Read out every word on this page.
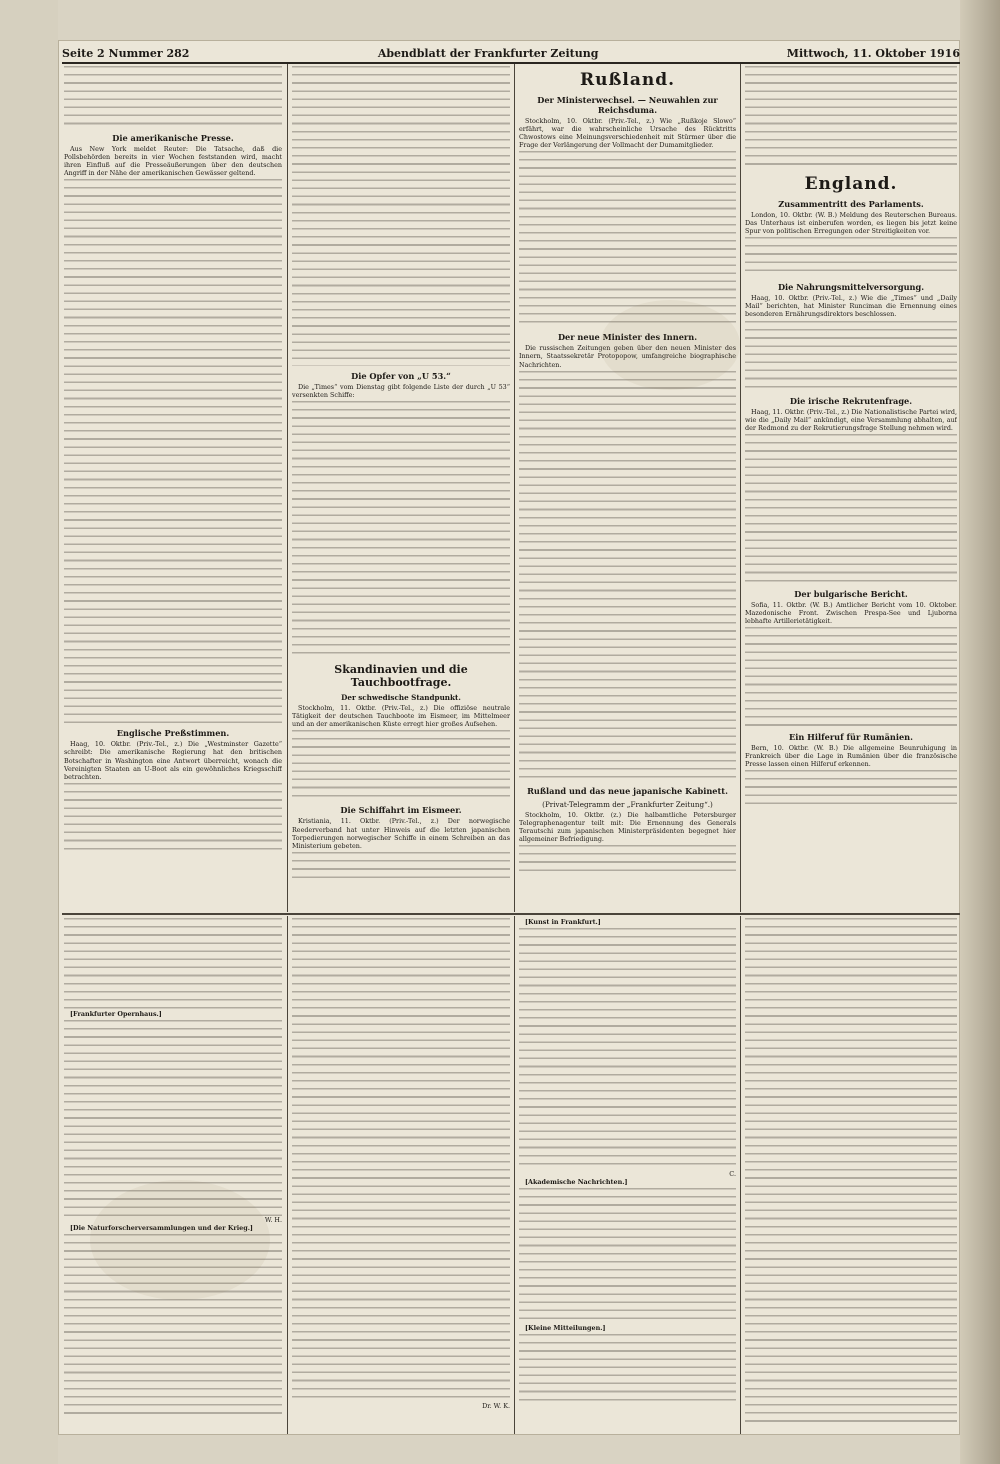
Seite 2 Nummer 282	Abendblatt der Frankfurter Zeitung	Mittwoch, 11. Oktober 1916
Die amerikanische Presse.
Aus New York meldet Reuter: Die Tatsache, daß die Pollsbehörden bereits in vier Wochen feststanden wird, macht ihren Einfluß auf die Presseäußerungen über den deutschen Angriff in der Nähe der amerikanischen Gewässer geltend.
Englische Preßstimmen.
Haag, 10. Oktbr. (Priv.-Tel., z.) Die „Westminster Gazette“ schreibt: Die amerikanische Regierung hat den britischen Botschafter in Washington eine Antwort überreicht, wonach die Vereinigten Staaten an U-Boot als ein gewöhnliches Kriegsschiff betrachten.
Die Opfer von „U 53.“
Die „Times“ vom Dienstag gibt folgende Liste der durch „U 53“ versenkten Schiffe:
Skandinavien und die Tauchbootfrage.
Der schwedische Standpunkt.
Stockholm, 11. Oktbr. (Priv.-Tel., z.) Die offiziöse neutrale Tätigkeit der deutschen Tauchboote im Eismeer, im Mittelmeer und an der amerikanischen Küste erregt hier großes Aufsehen.
Die Schiffahrt im Eismeer.
Kristiania, 11. Oktbr. (Priv.-Tel., z.) Der norwegische Reederverband hat unter Hinweis auf die letzten japanischen Torpedierungen norwegischer Schiffe in einem Schreiben an das Ministerium gebeten.
Rußland.
Der Ministerwechsel. — Neuwahlen zur Reichsduma.
Stockholm, 10. Oktbr. (Priv.-Tel., z.) Wie „Rußkoje Slowo“ erfährt, war die wahrscheinliche Ursache des Rücktritts Chwostows eine Meinungsverschiedenheit mit Stürmer über die Frage der Verlängerung der Vollmacht der Dumamitglieder.
Der neue Minister des Innern.
Die russischen Zeitungen geben über den neuen Minister des Innern, Staatssekretär Protopopow, umfangreiche biographische Nachrichten.
Rußland und das neue japanische Kabinett.
(Privat-Telegramm der „Frankfurter Zeitung“.)
Stockholm, 10. Oktbr. (z.) Die halbamtliche Petersburger Telegraphenagentur teilt mit: Die Ernennung des Generals Terautschi zum japanischen Ministerpräsidenten begegnet hier allgemeiner Befriedigung.
England.
Zusammentritt des Parlaments.
London, 10. Oktbr. (W. B.) Meldung des Reuterschen Bureaus. Das Unterhaus ist einberufen worden, es liegen bis jetzt keine Spur von politischen Erregungen oder Streitigkeiten vor.
Die Nahrungsmittelversorgung.
Haag, 10. Oktbr. (Priv.-Tel., z.) Wie die „Times“ und „Daily Mail“ berichten, hat Minister Runciman die Ernennung eines besonderen Ernährungsdirektors beschlossen.
Die irische Rekrutenfrage.
Haag, 11. Oktbr. (Priv.-Tel., z.) Die Nationalistische Partei wird, wie die „Daily Mail“ ankündigt, eine Versammlung abhalten, auf der Redmond zu der Rekrutierungsfrage Stellung nehmen wird.
Der bulgarische Bericht.
Sofia, 11. Oktbr. (W. B.) Amtlicher Bericht vom 10. Oktober. Mazedonische Front. Zwischen Prespa-See und Ljuborna lebhafte Artillerietätigkeit.
Ein Hilferuf für Rumänien.
Bern, 10. Oktbr. (W. B.) Die allgemeine Beunruhigung in Frankreich über die Lage in Rumänien über die französische Presse lassen einen Hilferuf erkennen.
[Frankfurter Opernhaus.]
W. H.
[Die Naturforscherversammlungen und der Krieg.]
Dr. W. K.
[Kunst in Frankfurt.]
C.
[Akademische Nachrichten.]
[Kleine Mitteilungen.]
